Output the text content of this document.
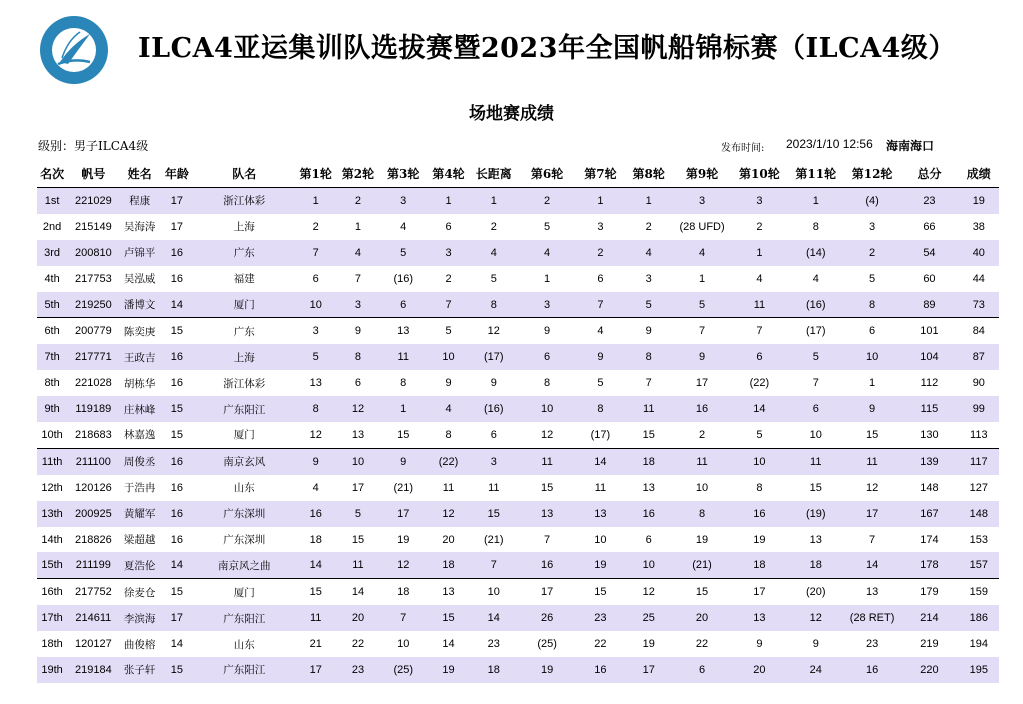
ILCA4亚运集训队选拔赛暨2023年全国帆船锦标赛（ILCA4级）
场地赛成绩
级别：男子ILCA4级	发布时间: 2023/1/10 12:56 海南海口
名次	帆号	姓名	年龄	队名	第1轮	第2轮	第3轮	第4轮	长距离	第6轮	第7轮	第8轮	第9轮	第10轮	第11轮	第12轮	总分	成绩
1st	221029	程康	17	浙江体彩	1	2	3	1	1	2	1	1	3	3	1	(4)	23	19
2nd	215149	吴海涛	17	上海	2	1	4	6	2	5	3	2	(28 UFD)	2	8	3	66	38
3rd	200810	卢锦平	16	广东	7	4	5	3	4	4	2	4	4	1	(14)	2	54	40
4th	217753	吴泓威	16	福建	6	7	(16)	2	5	1	6	3	1	4	4	5	60	44
5th	219250	潘博文	14	厦门	10	3	6	7	8	3	7	5	5	11	(16)	8	89	73
6th	200779	陈奕庚	15	广东	3	9	13	5	12	9	4	9	7	7	(17)	6	101	84
7th	217771	王政吉	16	上海	5	8	11	10	(17)	6	9	8	9	6	5	10	104	87
8th	221028	胡栋华	16	浙江体彩	13	6	8	9	9	8	5	7	17	(22)	7	1	112	90
9th	119189	庄林峰	15	广东阳江	8	12	1	4	(16)	10	8	11	16	14	6	9	115	99
10th	218683	林嘉逸	15	厦门	12	13	15	8	6	12	(17)	15	2	5	10	15	130	113
11th	211100	周俊丞	16	南京玄风	9	10	9	(22)	3	11	14	18	11	10	11	11	139	117
12th	120126	于浩冉	16	山东	4	17	(21)	11	11	15	11	13	10	8	15	12	148	127
13th	200925	黄耀军	16	广东深圳	16	5	17	12	15	13	13	16	8	16	(19)	17	167	148
14th	218826	梁超越	16	广东深圳	18	15	19	20	(21)	7	10	6	19	19	13	7	174	153
15th	211199	夏浩伦	14	南京风之曲	14	11	12	18	7	16	19	10	(21)	18	18	14	178	157
16th	217752	徐麦仓	15	厦门	15	14	18	13	10	17	15	12	15	17	(20)	13	179	159
17th	214611	李滨海	17	广东阳江	11	20	7	15	14	26	23	25	20	13	12	(28 RET)	214	186
18th	120127	曲俊榕	14	山东	21	22	10	14	23	(25)	22	19	22	9	9	23	219	194
19th	219184	张子轩	15	广东阳江	17	23	(25)	19	18	19	16	17	6	20	24	16	220	195
